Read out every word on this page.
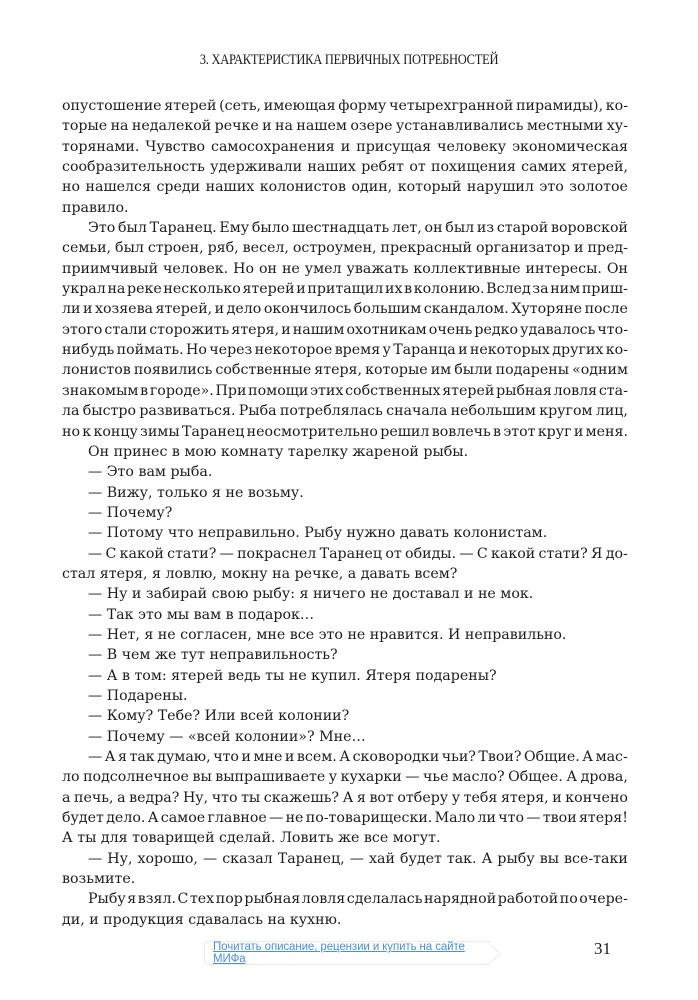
3. ХАРАКТЕРИСТИКА ПЕРВИЧНЫХ ПОТРЕБНОСТЕЙ
опустошение ятерей (сеть, имеющая форму четырехгранной пирамиды), ко-
торые на недалекой речке и на нашем озере устанавливались местными ху-
торянами. Чувство самосохранения и присущая человеку экономическая
сообразительность удерживали наших ребят от похищения самих ятерей,
но нашелся среди наших колонистов один, который нарушил это золотое
правило.
Это был Таранец. Ему было шестнадцать лет, он был из старой воровской
семьи, был строен, ряб, весел, остроумен, прекрасный организатор и пред-
приимчивый человек. Но он не умел уважать коллективные интересы. Он
украл на реке несколько ятерей и притащил их в колонию. Вслед за ним приш-
ли и хозяева ятерей, и дело окончилось большим скандалом. Хуторяне после
этого стали сторожить ятеря, и нашим охотникам очень редко удавалось что-
нибудь поймать. Но через некоторое время у Таранца и некоторых других ко-
лонистов появились собственные ятеря, которые им были подарены «одним
знакомым в городе». При помощи этих собственных ятерей рыбная ловля ста-
ла быстро развиваться. Рыба потреблялась сначала небольшим кругом лиц,
но к концу зимы Таранец неосмотрительно решил вовлечь в этот круг и меня.
Он принес в мою комнату тарелку жареной рыбы.
— Это вам рыба.
— Вижу, только я не возьму.
— Почему?
— Потому что неправильно. Рыбу нужно давать колонистам.
— С какой стати? — покраснел Таранец от обиды. — С какой стати? Я до-
стал ятеря, я ловлю, мокну на речке, а давать всем?
— Ну и забирай свою рыбу: я ничего не доставал и не мок.
— Так это мы вам в подарок…
— Нет, я не согласен, мне все это не нравится. И неправильно.
— В чем же тут неправильность?
— А в том: ятерей ведь ты не купил. Ятеря подарены?
— Подарены.
— Кому? Тебе? Или всей колонии?
— Почему — «всей колонии»? Мне…
— А я так думаю, что и мне и всем. А сковородки чьи? Твои? Общие. А мас-
ло подсолнечное вы выпрашиваете у кухарки — чье масло? Общее. А дрова,
а печь, а ведра? Ну, что ты скажешь? А я вот отберу у тебя ятеря, и кончено
будет дело. А самое главное — не по-товарищески. Мало ли что — твои ятеря!
А ты для товарищей сделай. Ловить же все могут.
— Ну, хорошо, — сказал Таранец, — хай будет так. А рыбу вы все-таки
возьмите.
Рыбу я взял. С тех пор рыбная ловля сделалась нарядной работой по очере-
ди, и продукция сдавалась на кухню.
Почитать описание, рецензии и купить на сайте МИФа
31
